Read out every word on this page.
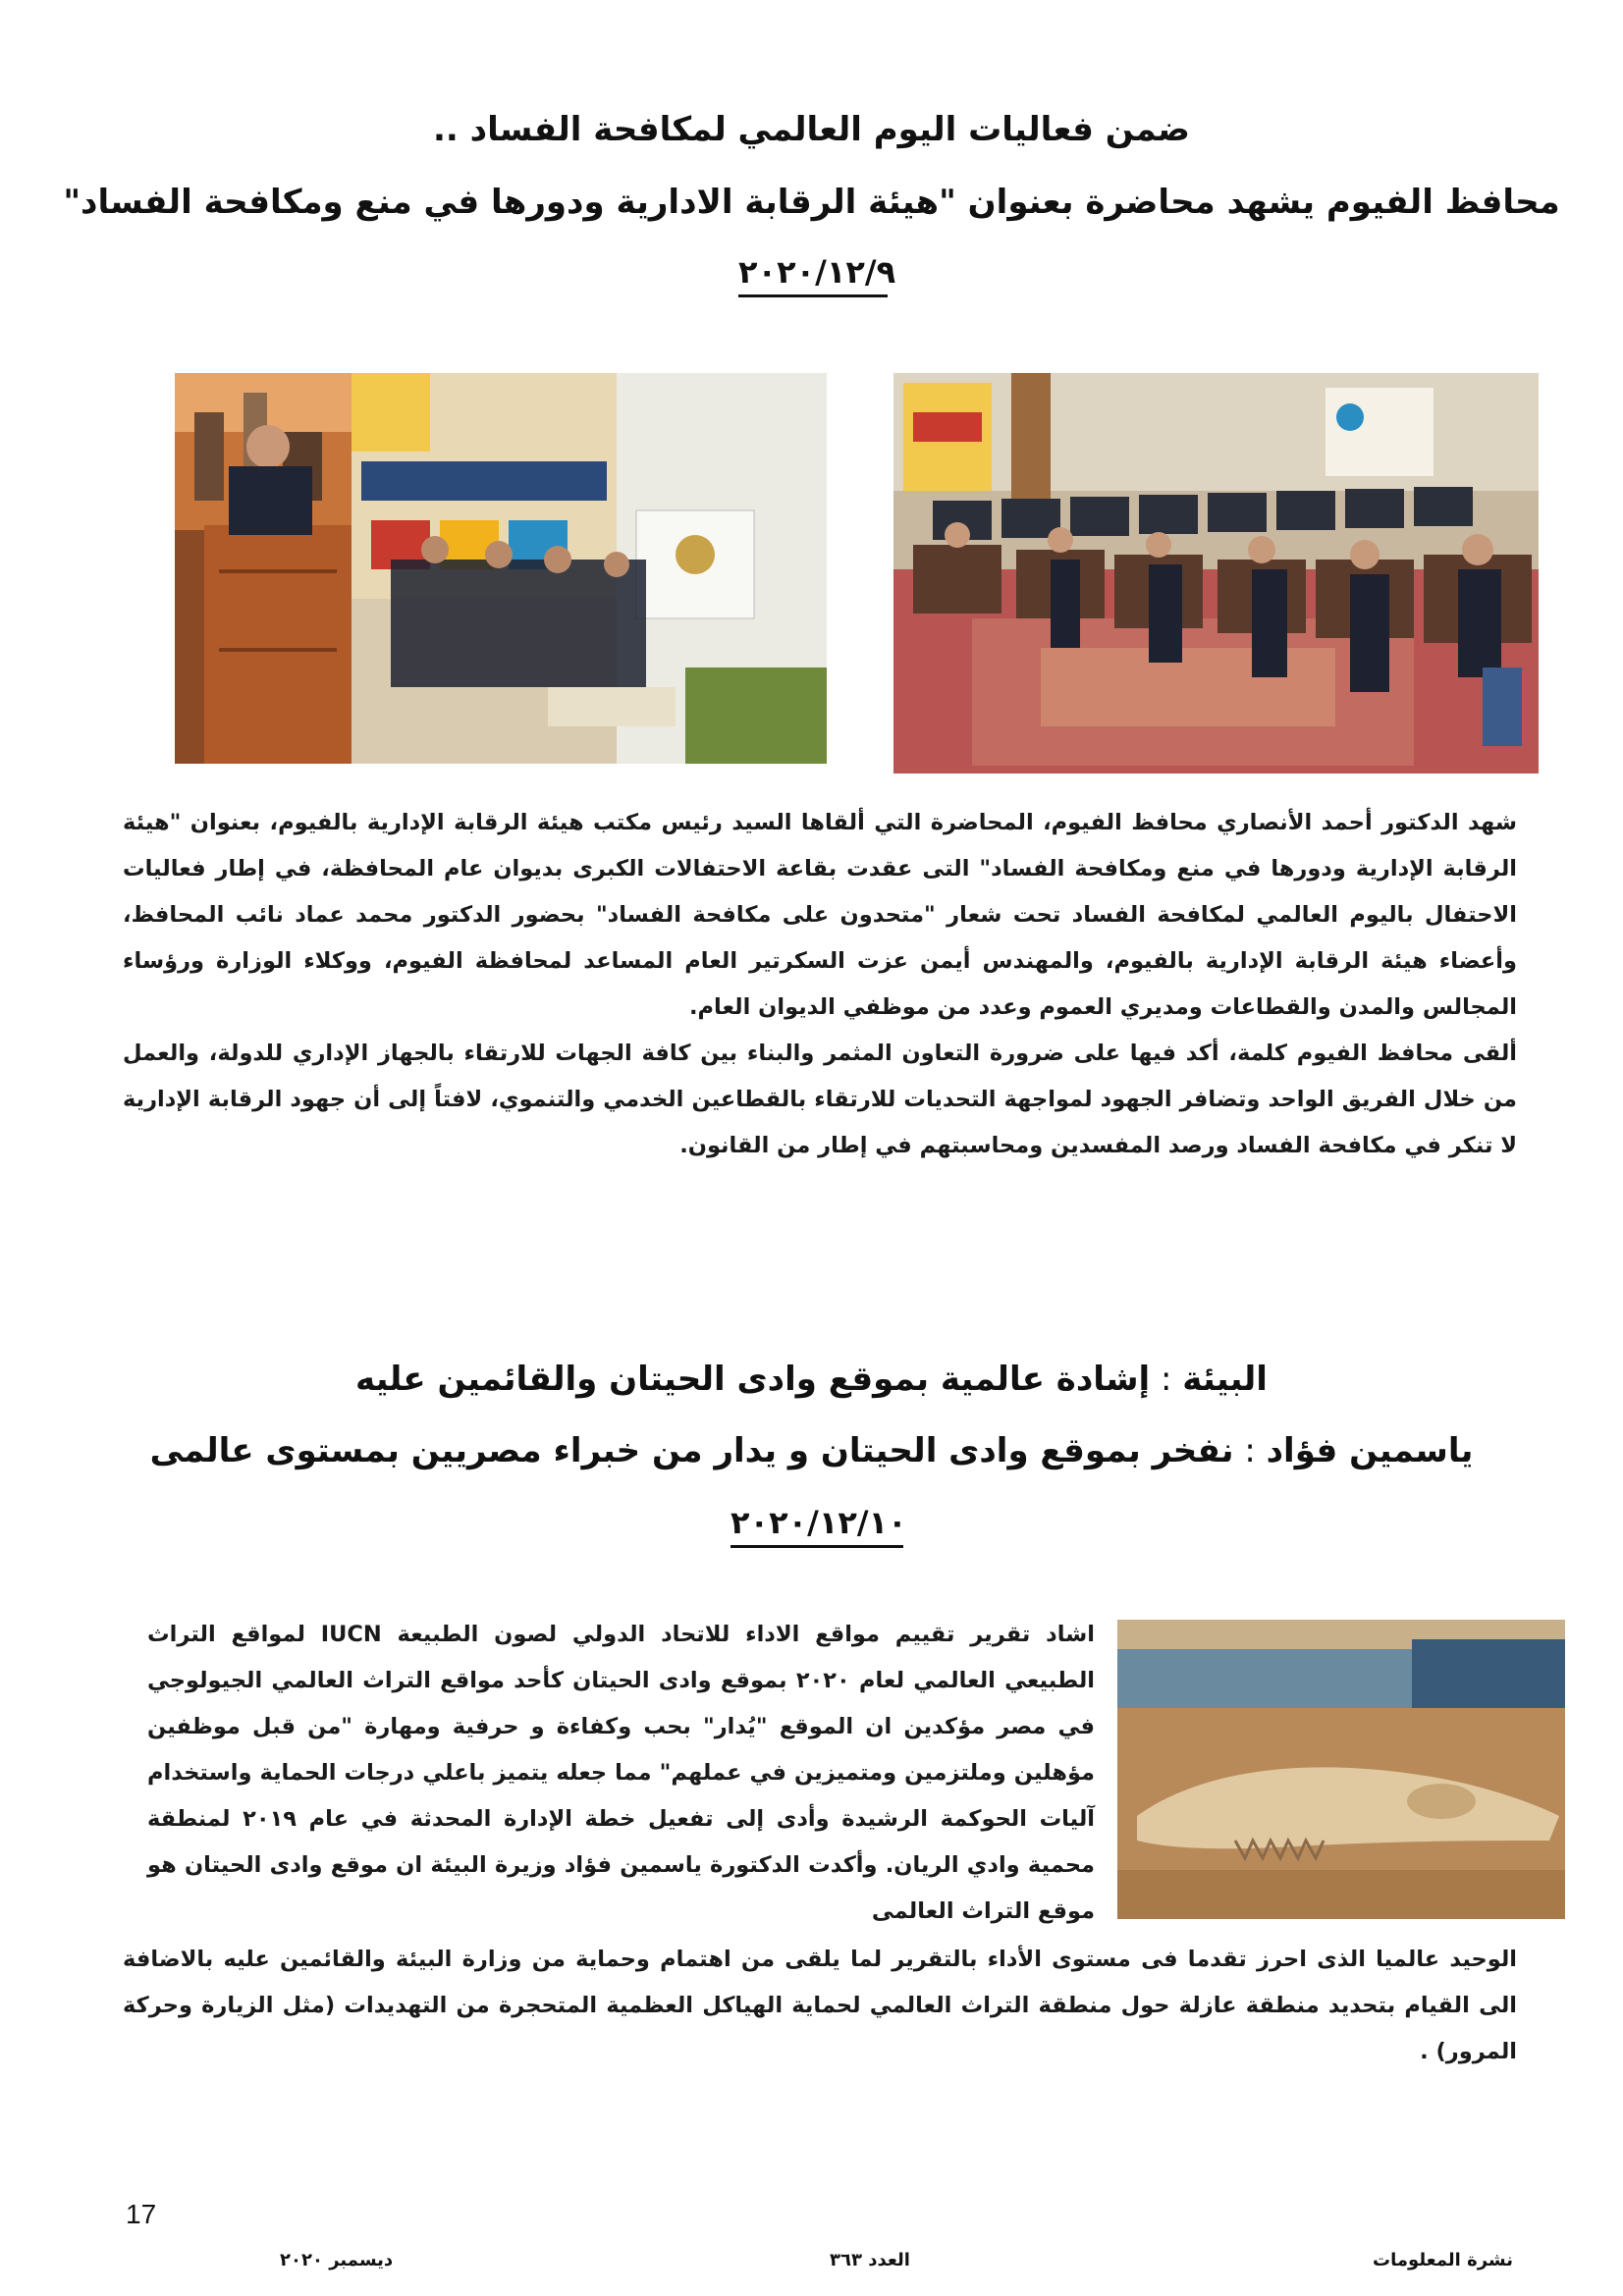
ضمن فعاليات اليوم العالمي لمكافحة الفساد ..
محافظ الفيوم يشهد محاضرة بعنوان "هيئة الرقابة الادارية ودورها في منع ومكافحة الفساد"
٢٠٢٠/١٢/٩
شهد الدكتور أحمد الأنصاري محافظ الفيوم، المحاضرة التي ألقاها السيد رئيس مكتب هيئة الرقابة الإدارية بالفيوم، بعنوان "هيئة الرقابة الإدارية ودورها في منع ومكافحة الفساد" التى عقدت بقاعة الاحتفالات الكبرى بديوان عام المحافظة، في إطار فعاليات الاحتفال باليوم العالمي لمكافحة الفساد تحت شعار "متحدون على مكافحة الفساد" بحضور الدكتور محمد عماد نائب المحافظ، وأعضاء هيئة الرقابة الإدارية بالفيوم، والمهندس أيمن عزت السكرتير العام المساعد لمحافظة الفيوم، ووكلاء الوزارة ورؤساء المجالس والمدن والقطاعات ومديري العموم وعدد من موظفي الديوان العام.
ألقى محافظ الفيوم كلمة، أكد فيها على ضرورة التعاون المثمر والبناء بين كافة الجهات للارتقاء بالجهاز الإداري للدولة، والعمل من خلال الفريق الواحد وتضافر الجهود لمواجهة التحديات للارتقاء بالقطاعين الخدمي والتنموي، لافتاً إلى أن جهود الرقابة الإدارية لا تنكر في مكافحة الفساد ورصد المفسدين ومحاسبتهم في إطار من القانون.
البيئة : إشادة عالمية بموقع وادى الحيتان والقائمين عليه
ياسمين فؤاد : نفخر بموقع وادى الحيتان و يدار من خبراء مصريين بمستوى عالمى
٢٠٢٠/١٢/١٠
اشاد تقرير تقييم مواقع الاداء للاتحاد الدولي لصون الطبيعة IUCN لمواقع التراث الطبيعي العالمي لعام ٢٠٢٠ بموقع وادى الحيتان كأحد مواقع التراث العالمي الجيولوجي في مصر مؤكدين ان الموقع "يُدار" بحب وكفاءة و حرفية ومهارة "من قبل موظفين مؤهلين وملتزمين ومتميزين في عملهم" مما جعله يتميز باعلي درجات الحماية واستخدام آليات الحوكمة الرشيدة وأدى إلى تفعيل خطة الإدارة المحدثة في عام ٢٠١٩ لمنطقة محمية وادي الريان. وأكدت الدكتورة ياسمين فؤاد وزيرة البيئة ان موقع وادى الحيتان هو موقع التراث العالمى
الوحيد عالميا الذى احرز تقدما فى مستوى الأداء بالتقرير لما يلقى من اهتمام وحماية من وزارة البيئة والقائمين عليه بالاضافة الى القيام بتحديد منطقة عازلة حول منطقة التراث العالمي لحماية الهياكل العظمية المتحجرة من التهديدات (مثل الزيارة وحركة المرور) .
17
نشرة المعلومات
العدد ٣٦٣
ديسمبر ٢٠٢٠
